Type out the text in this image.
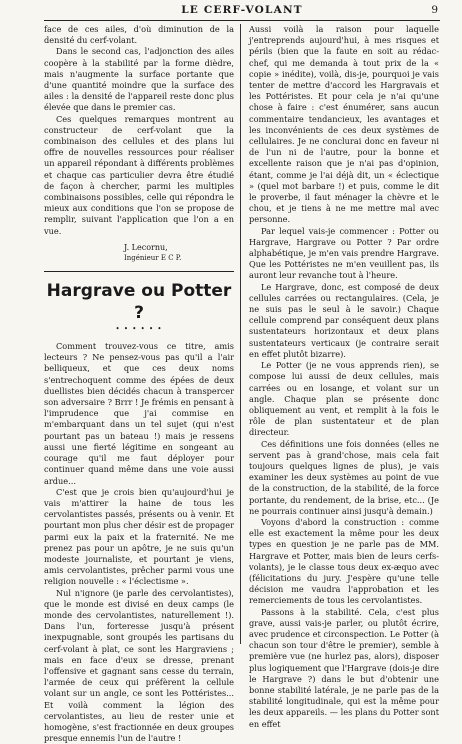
LE CERF-VOLANT	9

face de ces ailes, d'où diminution de la densité du cerf-volant.

Dans le second cas, l'adjonction des ailes coopère à la stabilité par la forme dièdre, mais n'augmente la surface portante que d'une quantité moindre que la surface des ailes : la densité de l'appareil reste donc plus élevée que dans le premier cas.

Ces quelques remarques montrent au constructeur de cerf-volant que la combinaison des cellules et des plans lui offre de nouvelles ressources pour réaliser un appareil répondant à différents problèmes et chaque cas particulier devra être étudié de façon à chercher, parmi les multiples combinaisons possibles, celle qui répondra le mieux aux conditions que l'on se propose de remplir, suivant l'application que l'on a en vue.

J. Lecornu,
Ingénieur E C P.
Hargrave ou Potter ?
• • • • • •

Comment trouvez-vous ce titre, amis lecteurs ? Ne pensez-vous pas qu'il a l'air belliqueux, et que ces deux noms s'entrechoquent comme des épées de deux duellistes bien décidés chacun à transpercer son adversaire ? Brrr ! Je frémis en pensant à l'imprudence que j'ai commise en m'embarquant dans un tel sujet (qui n'est pourtant pas un bateau !) mais je ressens aussi une fierté légitime en songeant au courage qu'il me faut déployer pour continuer quand même dans une voie aussi ardue...

C'est que je crois bien qu'aujourd'hui je vais m'attirer la haine de tous les cervolantistes passés, présents ou à venir. Et pourtant mon plus cher désir est de propager parmi eux la paix et la fraternité. Ne me prenez pas pour un apôtre, je ne suis qu'un modeste journaliste, et pourtant je viens, amis cervolantistes, prêcher parmi vous une religion nouvelle : « l'éclectisme ».

Nul n'ignore (je parle des cervolantistes), que le monde est divisé en deux camps (le monde des cervolantistes, naturellement !). Dans l'un, forteresse jusqu'à présent inexpugnable, sont groupés les partisans du cerf-volant à plat, ce sont les Hargraviens ; mais en face d'eux se dresse, prenant l'offensive et gagnant sans cesse du terrain, l'armée de ceux qui préfèrent la cellule volant sur un angle, ce sont les Pottéristes... Et voilà comment la légion des cervolantistes, au lieu de rester unie et homogène, s'est fractionnée en deux groupes presque ennemis l'un de l'autre !

Aussi voilà la raison pour laquelle j'entreprends aujourd'hui, à mes risques et périls (bien que la faute en soit au rédac-chef, qui me demanda à tout prix de la « copie » inédite), voilà, dis-je, pourquoi je vais tenter de mettre d'accord les Hargravais et les Pottéristes. Et pour cela je n'ai qu'une chose à faire : c'est énumérer, sans aucun commentaire tendancieux, les avantages et les inconvénients de ces deux systèmes de cellulaires. Je ne conclurai donc en faveur ni de l'un ni de l'autre, pour la bonne et excellente raison que je n'ai pas d'opinion, étant, comme je l'ai déjà dit, un « éclectique » (quel mot barbare !) et puis, comme le dit le proverbe, il faut ménager la chèvre et le chou, et je tiens à ne me mettre mal avec personne.

Par lequel vais-je commencer : Potter ou Hargrave, Hargrave ou Potter ? Par ordre alphabétique, je m'en vais prendre Hargrave. Que les Pottéristes ne m'en veuillent pas, ils auront leur revanche tout à l'heure.

Le Hargrave, donc, est composé de deux cellules carrées ou rectangulaires. (Cela, je ne suis pas le seul à le savoir.) Chaque cellule comprend par conséquent deux plans sustentateurs horizontaux et deux plans sustentateurs verticaux (je contraire serait en effet plutôt bizarre).

Le Potter (je ne vous apprends rien), se compose lui aussi de deux cellules, mais carrées ou en losange, et volant sur un angle. Chaque plan se présente donc obliquement au vent, et remplit à la fois le rôle de plan sustentateur et de plan directeur.

Ces définitions une fois données (elles ne servent pas à grand'chose, mais cela fait toujours quelques lignes de plus), je vais examiner les deux systèmes au point de vue de la construction, de la stabilité, de la force portante, du rendement, de la brise, etc... (Je ne pourrais continuer ainsi jusqu'à demain.)

Voyons d'abord la construction : comme elle est exactement la même pour les deux types en question je ne parle pas de MM. Hargrave et Potter, mais bien de leurs cerfs-volants), je le classe tous deux ex-æquo avec (félicitations du jury. J'espère qu'une telle décision me vaudra l'approbation et les remerciements de tous les cervolantistes.

Passons à la stabilité. Cela, c'est plus grave, aussi vais-je parler, ou plutôt écrire, avec prudence et circonspection. Le Potter (à chacun son tour d'être le premier), semble à première vue (ne hurlez pas, alors), disposer plus logiquement que l'Hargrave (dois-je dire le Hargrave ?) dans le but d'obtenir une bonne stabilité latérale, je ne parle pas de la stabilité longitudinale, qui est la même pour les deux appareils. — les plans du Potter sont en effet
